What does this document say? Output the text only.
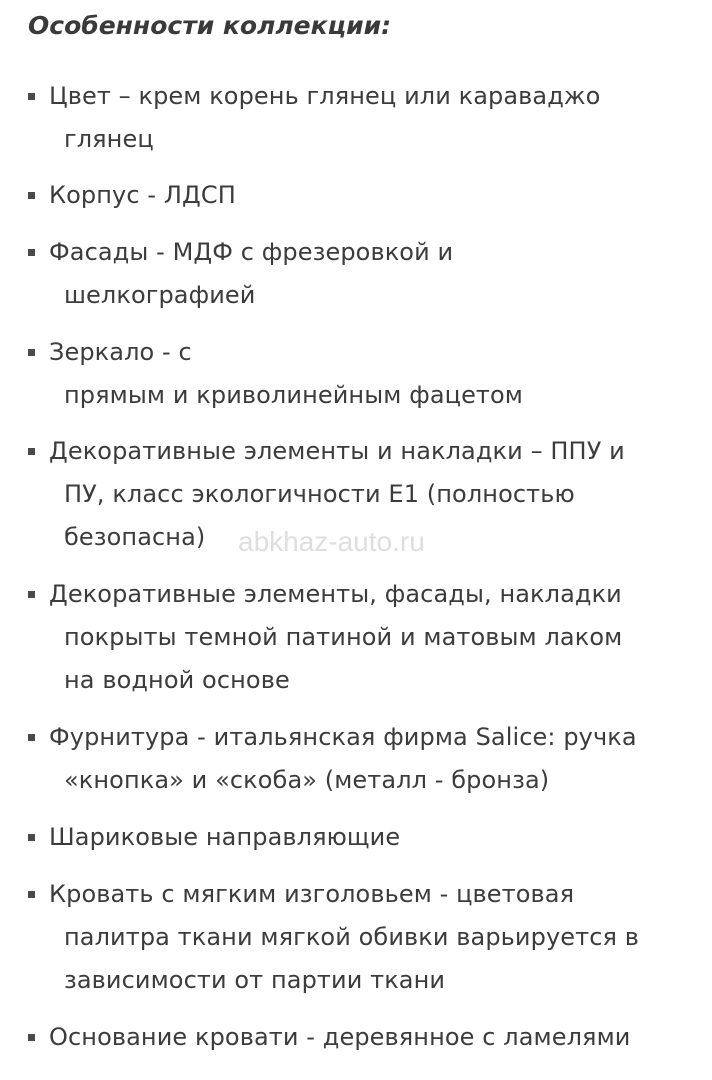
Особенности коллекции:
Цвет – крем корень глянец или караваджо
глянец
Корпус - ЛДСП
Фасады - МДФ с фрезеровкой и
шелкографией
Зеркало - с
прямым и криволинейным фацетом
Декоративные элементы и накладки – ППУ и
ПУ, класс экологичности Е1 (полностью
безопасна)
Декоративные элементы, фасады, накладки
покрыты темной патиной и матовым лаком
на водной основе
Фурнитура - итальянская фирма Salice: ручка
«кнопка» и «скоба» (металл - бронза)
Шариковые направляющие
Кровать с мягким изголовьем - цветовая
палитра ткани мягкой обивки варьируется в
зависимости от партии ткани
Основание кровати - деревянное с ламелями
abkhaz-auto.ru
